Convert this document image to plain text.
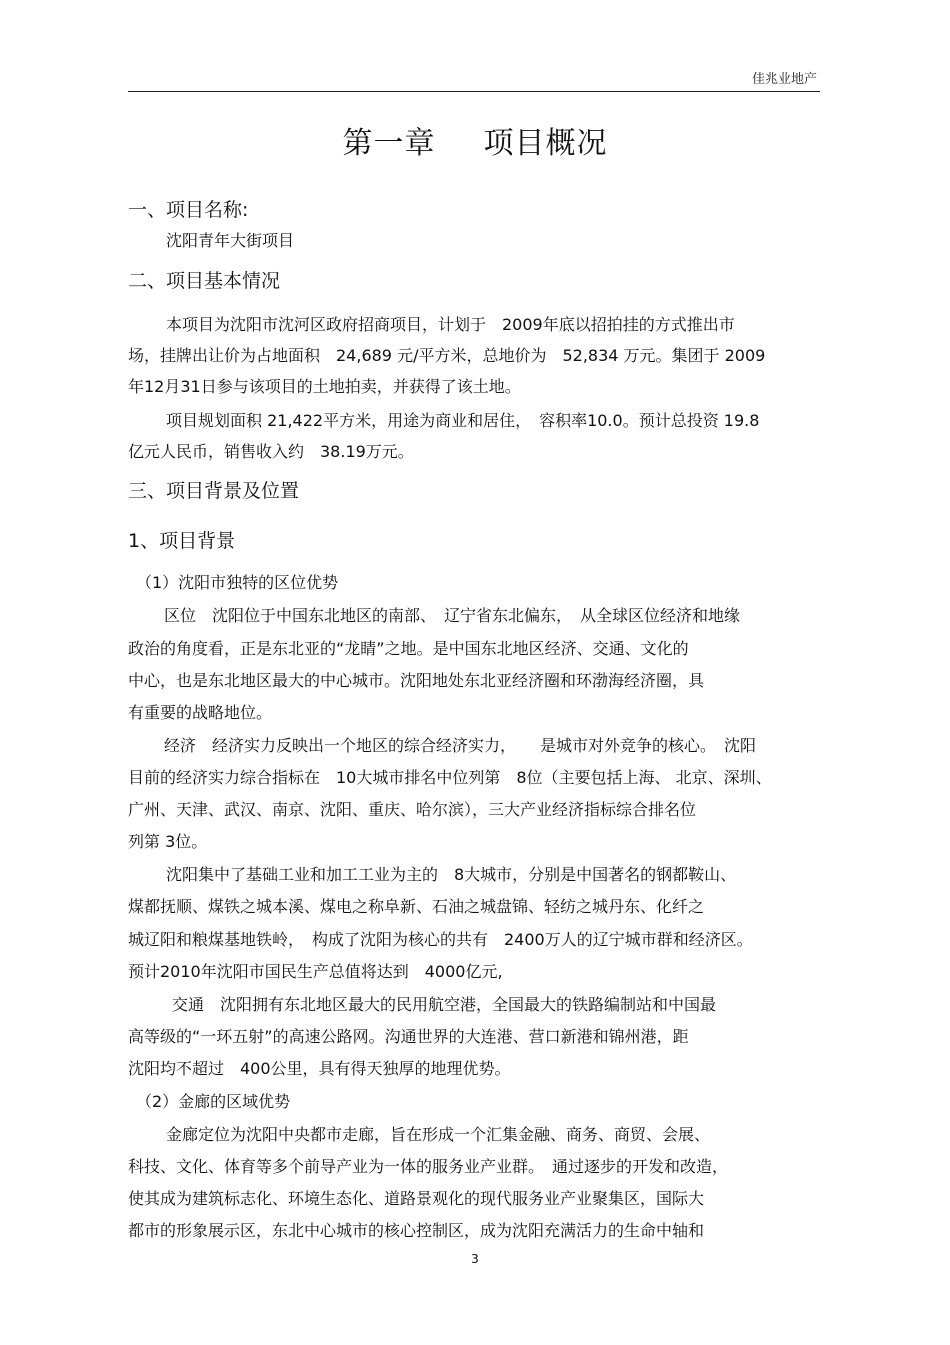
佳兆业地产
第一章 项目概况
一、项目名称:
沈阳青年大街项目
二、项目基本情况
本项目为沈阳市沈河区政府招商项目，计划于　2009年底以招拍挂的方式推出市
场，挂牌出让价为占地面积　24,689 元/平方米，总地价为　52,834 万元。集团于 2009
年12月31日参与该项目的土地拍卖，并获得了该土地。
项目规划面积 21,422平方米，用途为商业和居住，　容积率10.0。预计总投资 19.8
亿元人民币，销售收入约　38.19万元。
三、项目背景及位置
1、项目背景
（1）沈阳市独特的区位优势
区位　沈阳位于中国东北地区的南部、　辽宁省东北偏东，　从全球区位经济和地缘
政治的角度看，正是东北亚的“龙睛”之地。是中国东北地区经济、交通、文化的
中心，也是东北地区最大的中心城市。沈阳地处东北亚经济圈和环渤海经济圈，具
有重要的战略地位。
经济　经济实力反映出一个地区的综合经济实力，　　是城市对外竞争的核心。　沈阳
目前的经济实力综合指标在　10大城市排名中位列第　8位（主要包括上海、 北京、深圳、
广州、天津、武汉、南京、沈阳、重庆、哈尔滨），三大产业经济指标综合排名位
列第 3位。
沈阳集中了基础工业和加工工业为主的　8大城市，分别是中国著名的钢都鞍山、
煤都抚顺、煤铁之城本溪、煤电之称阜新、石油之城盘锦、轻纺之城丹东、化纤之
城辽阳和粮煤基地铁岭，　构成了沈阳为核心的共有　2400万人的辽宁城市群和经济区。
预计2010年沈阳市国民生产总值将达到　4000亿元,
交通　沈阳拥有东北地区最大的民用航空港，全国最大的铁路编制站和中国最
高等级的“一环五射”的高速公路网。沟通世界的大连港、营口新港和锦州港，距
沈阳均不超过　400公里，具有得天独厚的地理优势。
（2）金廊的区域优势
金廊定位为沈阳中央都市走廊，旨在形成一个汇集金融、商务、商贸、会展、
科技、文化、体育等多个前导产业为一体的服务业产业群。　通过逐步的开发和改造，
使其成为建筑标志化、环境生态化、道路景观化的现代服务业产业聚集区，国际大
都市的形象展示区，东北中心城市的核心控制区，成为沈阳充满活力的生命中轴和
3
